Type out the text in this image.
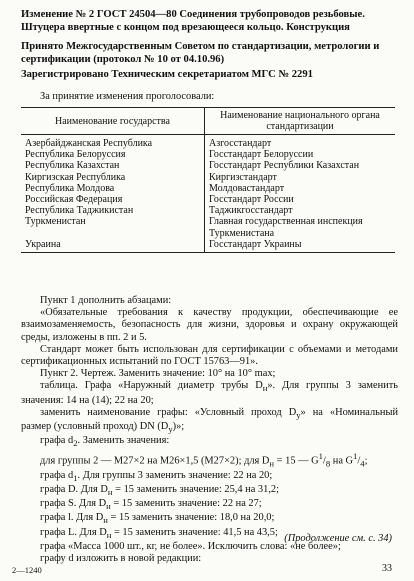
Изменение № 2 ГОСТ 24504—80 Соединения трубопроводов резьбовые. Штуцера ввертные с концом под врезающееся кольцо. Конструкция
Принято Межгосударственным Советом по стандартизации, метрологии и сертификации (протокол № 10 от 04.10.96)
Зарегистрировано Техническим секретариатом МГС № 2291
За принятие изменения проголосовали:
Наименование государства	Наименование национального органа стандартизации
Азербайджанская Республика	Азгосстандарт
Республика Белоруссия	Госстандарт Белоруссии
Республика Казахстан	Госстандарт Республики Казахстан
Киргизская Республика	Киргизстандарт
Республика Молдова	Молдовастандарт
Российская Федерация	Госстандарт России
Республика Таджикистан	Таджикгосстандарт
Туркменистан	Главная государственная инспекция Туркменистана
Украина	Госстандарт Украины

Пункт 1 дополнить абзацами:

«Обязательные требования к качеству продукции, обеспечивающие ее взаимозаменяемость, безопасность для жизни, здоровья и охрану окружающей среды, изложены в пп. 2 и 5.

Стандарт может быть использован для сертификации с объемами и методами сертификационных испытаний по ГОСТ 15763—91».

Пункт 2. Чертеж. Заменить значение: 10° на 10° max;

таблица. Графа «Наружный диаметр трубы $D_н$». Для группы 3 заменить значения: 14 на (14); 22 на 20;

заменить наименование графы: «Условный проход $D_у$» на «Номинальный размер (условный проход) DN $(D_у)$»;

графа $d_2$. Заменить значения:

для группы 2 — M27×2 на M26×1,5 (M27×2); для $D_н = 15$ — $G^1/_8$ на $G^1/_4$;

графа $d_1$. Для группы 3 заменить значение: 22 на 20;

графа D. Для $D_н = 15$ заменить значение: 25,4 на 31,2;

графа S. Для $D_н = 15$ заменить значение: 22 на 27;

графа l. Для $D_н = 15$ заменить значение: 18,0 на 20,0;

графа L. Для $D_н = 15$ заменить значение: 41,5 на 43,5;

графа «Масса 1000 шт., кг, не более». Исключить слова: «не более»;

графу d изложить в новой редакции:

(Продолжение см. с. 34)
2—1240	33
